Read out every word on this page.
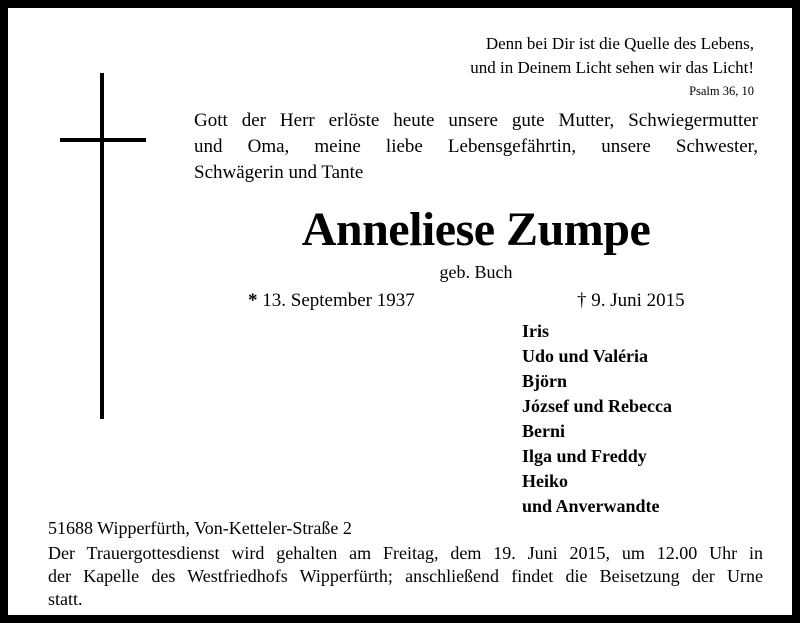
Denn bei Dir ist die Quelle des Lebens,
und in Deinem Licht sehen wir das Licht!
Psalm 36, 10
Gott der Herr erlöste heute unsere gute Mutter, Schwiegermutter
und Oma, meine liebe Lebensgefährtin, unsere Schwester,
Schwägerin und Tante
Anneliese Zumpe
geb. Buch
* 13. September 1937	† 9. Juni 2015
Iris
Udo und Valéria
Björn
József und Rebecca
Berni
Ilga und Freddy
Heiko
und Anverwandte
51688 Wipperfürth, Von-Ketteler-Straße 2
Der Trauergottesdienst wird gehalten am Freitag, dem 19. Juni 2015, um 12.00 Uhr in
der Kapelle des Westfriedhofs Wipperfürth; anschließend findet die Beisetzung der Urne
statt.
